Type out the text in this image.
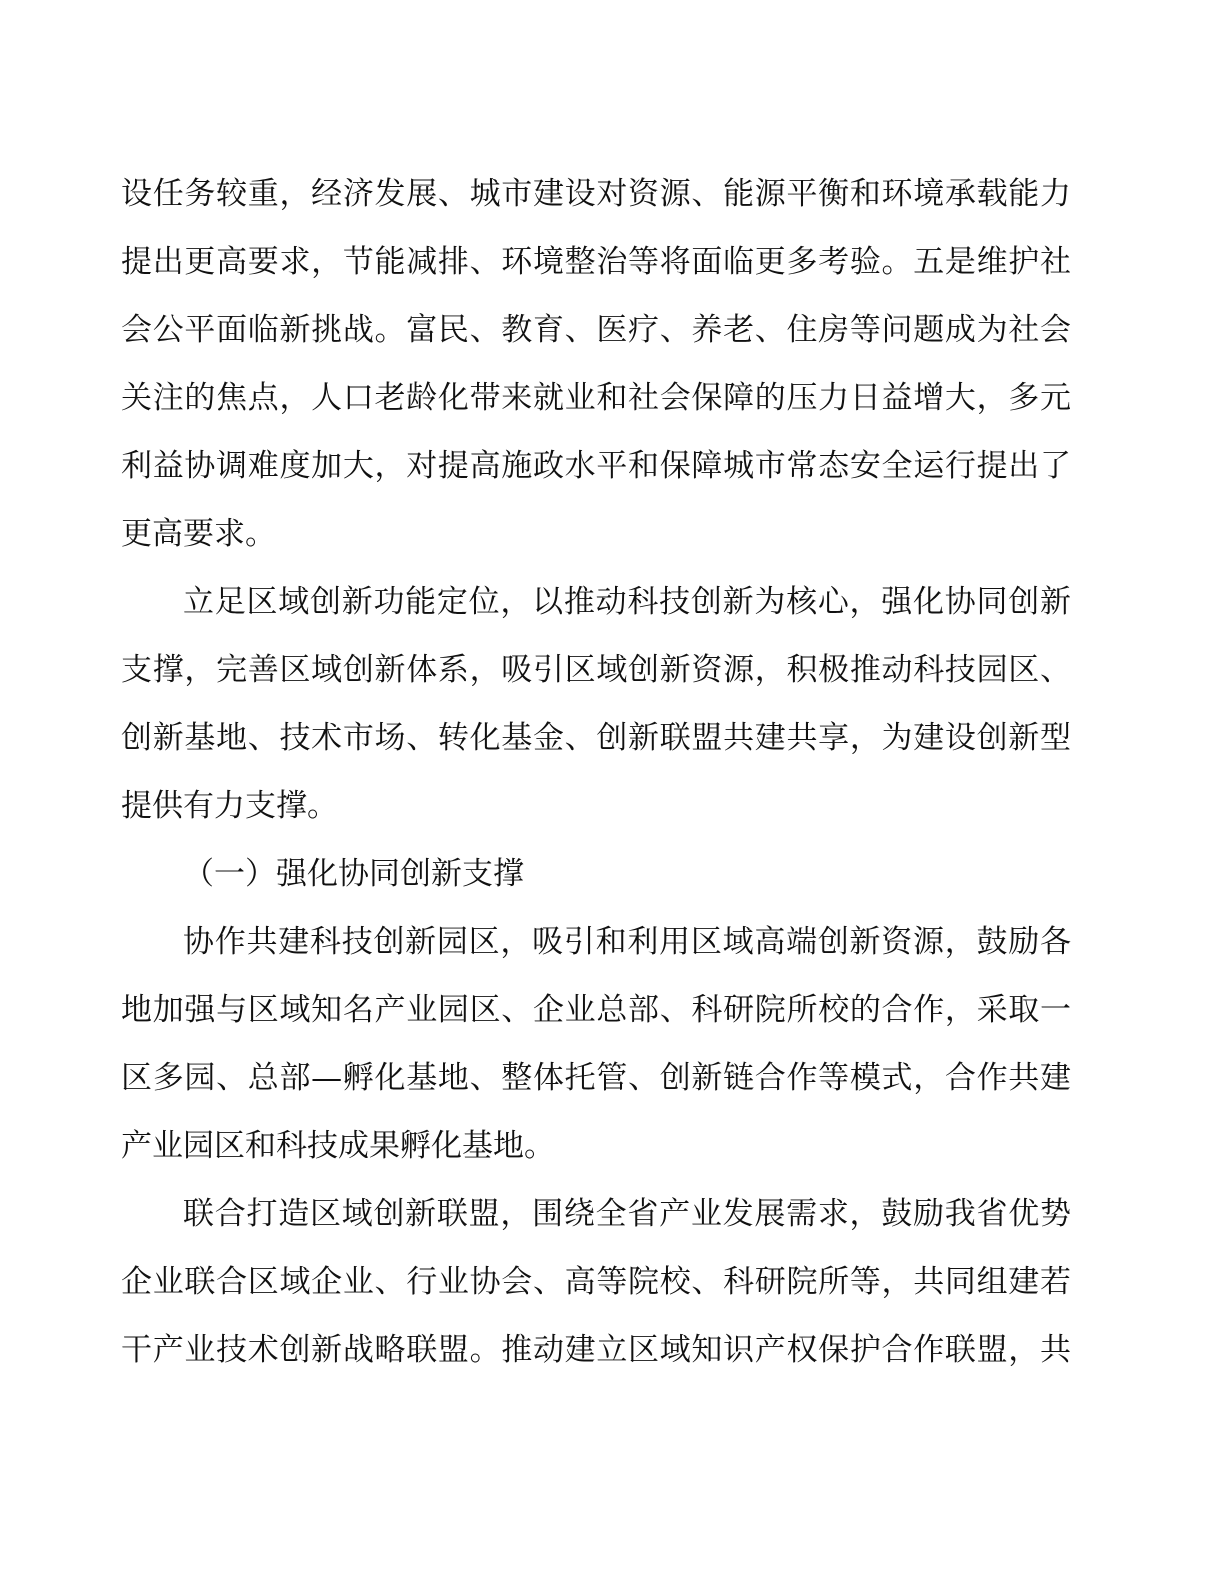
设任务较重，经济发展、城市建设对资源、能源平衡和环境承载能力
提出更高要求，节能减排、环境整治等将面临更多考验。五是维护社
会公平面临新挑战。富民、教育、医疗、养老、住房等问题成为社会
关注的焦点，人口老龄化带来就业和社会保障的压力日益增大，多元
利益协调难度加大，对提高施政水平和保障城市常态安全运行提出了
更高要求。
立足区域创新功能定位，以推动科技创新为核心，强化协同创新
支撑，完善区域创新体系，吸引区域创新资源，积极推动科技园区、
创新基地、技术市场、转化基金、创新联盟共建共享，为建设创新型
提供有力支撑。
（一）强化协同创新支撑
协作共建科技创新园区，吸引和利用区域高端创新资源，鼓励各
地加强与区域知名产业园区、企业总部、科研院所校的合作，采取一
区多园、总部—孵化基地、整体托管、创新链合作等模式，合作共建
产业园区和科技成果孵化基地。
联合打造区域创新联盟，围绕全省产业发展需求，鼓励我省优势
企业联合区域企业、行业协会、高等院校、科研院所等，共同组建若
干产业技术创新战略联盟。推动建立区域知识产权保护合作联盟，共
